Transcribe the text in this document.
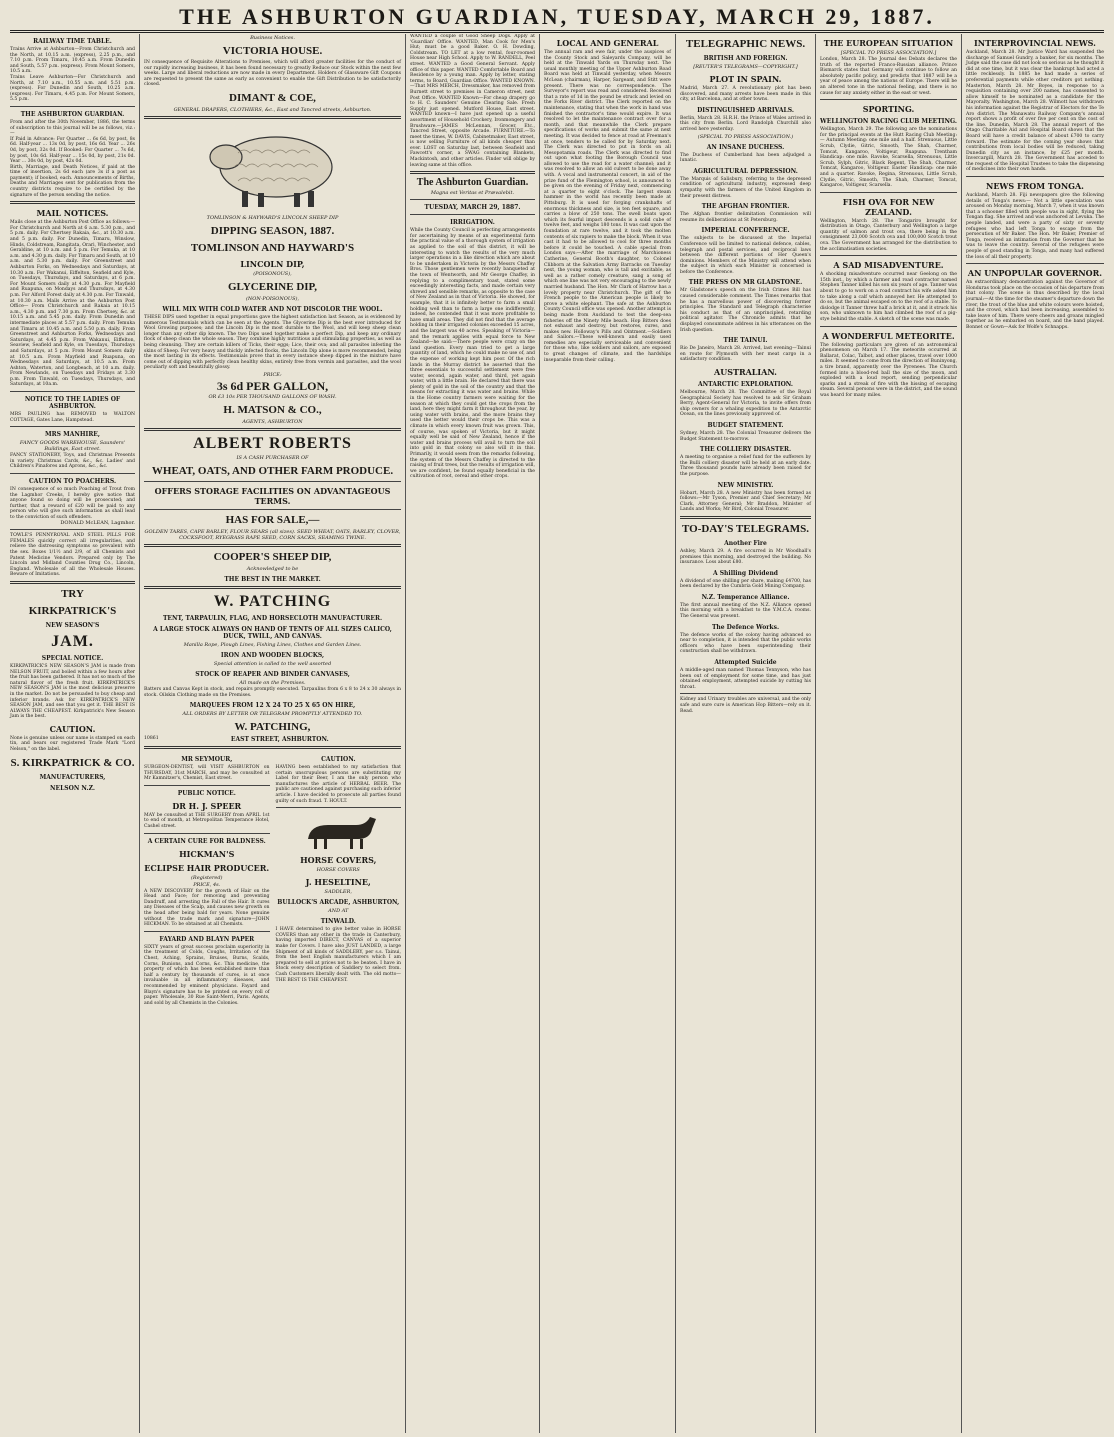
THE ASHBURTON GUARDIAN, TUESDAY, MARCH 29, 1887.
RAILWAY TIME TABLE.
Trains Arrive at Ashburton—From Christchurch and the North, at 10.15 a.m. (express), 2.25 p.m., and 7.10 p.m. From Timaru, 10.45 a.m. From Dunedin and South, 5.57 p.m. (express). From Mount Somers, 10.5 a.m.
Trains Leave Ashburton—For Christchurch and North, at 7.10 a.m., 10.55 a.m. and 5.51 p.m. (express). For Dunedin and South, 10.25 a.m. (express). For Timaru, 4.45 p.m. For Mount Somers, 5.5 p.m.
THE ASHBURTON GUARDIAN.
From and after the 30th November, 1886, the terms of subscription to this journal will be as follows, viz.:—
If Paid in Advance: For Quarter ... 6s 6d, by post, 8s 6d. Half-year ... 13s 0d, by post, 16s 6d. Year ... 26s 0d, by post, 32s 0d. If Booked: For Quarter ... 7s 6d, by post, 10s 6d. Half-year ... 15s 0d, by post, 21s 0d. Year ... 30s 0d, by post, 42s 0d.
Birth, Marriage, and Death Notices, if paid at the time of insertion, 2s 6d each (are 3s if a post as payment); if booked, each. Announcements of Births, Deaths and Marriages sent for publication from the country districts require to be certified by the signature of the person sending the notice.
MAIL NOTICES.
Mails close at the Ashburton Post Office as follows:— For Christchurch and North at 6 a.m. 5.30 p.m., and 5 p.m. daily. For Chertsey Rakaia, &c., at 10.30 a.m. and 5 p.m. daily. For Dunedin, Timaru, Winslow, Hinds, Coldstream, Rangitata, Orari, Winchester, and Geraldine, at 10 a.m. and 5 p.m. For Temuka, at 10 a.m. and 4.30 p.m. daily. For Timaru and South, at 10 a.m. and 5.30 p.m. daily. For Greenstreet and Ashburton Forks, on Wednesdays and Saturdays, at 10.30 a.m. For Wakanui, Eiffelton, Seafield and Kyle, on Tuesdays, Thursdays, and Saturdays, at 6 p.m. For Mount Somers daily at 4.30 p.m. For Mayfield and Ruapuna, on Mondays and Thursdays, at 4.30 p.m. For Alford Forest daily at 4.30 p.m. For Tinwald, at 10.30 a.m. Mails Arrive at the Ashburton Post Office— From Christchurch and Rakaia at 10.15 a.m., 4.30 p.m. and 7.30 p.m. From Chertsey, &c. at 10.15 a.m. and 5.45 p.m. daily. From Dunedin and intermediate places at 5.57 p.m. daily. From Temuka and Timaru at 10.45 a.m. and 5.50 p.m. daily. From Greenstreet and Ashburton Forks, Wednesdays and Saturdays, at 4.45 p.m. From Wakanui, Eiffelton, Seaview, Seafield and Kyle, on Tuesdays, Thursdays and Saturdays, at 5 p.m. From Mount Somers daily at 10.5 a.m. From Mayfield and Ruapuna, on Wednesdays and Saturdays, at 10.5 a.m. From Ashton, Waterton, and Longbeach, at 10 a.m. daily. From Newlands, on Tuesdays and Fridays at 3.30 p.m. From Tinwald, on Tuesdays, Thursdays, and Saturdays, at 10a.m.
NOTICE TO THE LADIES OF ASHBURTON.
MRS PAULING has REMOVED to WALTON COTTAGE, Gates Lane, Hampstead.
MRS MANHIRE,
FANCY GOODS WAREHOUSE, Saunders' Buildings, East street.
FANCY STATIONERY, Toys, and Christmas Presents in variety. Christmas Cards, &c., &c. Ladies' and Children's Pinafores and Aprons, &c., &c.
CAUTION TO POACHERS.
IN consequence of so much Poaching of Trout from the Lagmhor Creeks, I hereby give notice that anyone found so doing will be prosecuted; and further, that a reward of £20 will be paid to any person who will give such information as shall lead to the conviction of such offenders.
DONALD McLEAN, Lagmhor.
TOWLE'S PENNYROYAL AND STEEL PILLS FOR FEMALES quickly correct all irregularities, and relieve the distressing symptoms so prevalent with the sex. Boxes 1/1½ and 2/9, of all Chemists and Patent Medicine Vendors. Prepared only by The Lincoln and Midland Counties Drug Co., Lincoln, England. Wholesale of all the Wholesale Houses. Beware of Imitations.
TRY
KIRKPATRICK'S
NEW SEASON'S
JAM.
SPECIAL NOTICE.
KIRKPATRICK'S NEW SEASON'S JAM is made from NELSON FRUIT, and boiled within a few hours after the fruit has been gathered. It has not so much of the natural flavor of the fresh fruit. KIRKPATRICK'S NEW SEASON'S JAM is the most delicious preserve in the market. Do not be persuaded to buy cheap and inferior brands. Ask for KIRKPATRICK'S NEW SEASON JAM, and see that you get it. THE BEST IS ALWAYS THE CHEAPEST. Kirkpatrick's New Season Jam is the best.
CAUTION.
None is genuine unless our name is stamped on each tin, and bears our registered Trade Mark "Lord Nelson," on the label.
S. KIRKPATRICK & CO.
MANUFACTURERS,
NELSON N.Z.
Business Notices.
VICTORIA HOUSE.
IN consequence of Requisite Alterations to Premises, which will afford greater facilities for the conduct of our rapidly increasing business, it has been found necessary to greatly Reduce our Stock within the next few weeks. Large and liberal reductions are now made in every Department. Holders of Glassware Gift Coupons are requested to present the same as early as convenient to enable the Gift Distribution to be satisfactorily closed.
DIMANT & COE,
GENERAL DRAPERS, CLOTHIERS, &c., East and Tancred streets, Ashburton.
TOMLINSON & HAYWARD'S LINCOLN SHEEP DIP
DIPPING SEASON, 1887.
TOMLINSON AND HAYWARD'S
LINCOLN DIP,
(POISONOUS),
GLYCERINE DIP,
(NON-POISONOUS),
WILL MIX WITH COLD WATER AND NOT DISCOLOR THE WOOL.
THESE DIPS used together in equal proportions gave the highest satisfaction last Season, as is evidenced by numerous Testimonials which can be seen at the Agents. The Glycerine Dip is the best ever introduced for Wool Growing purposes; and the Lincoln Dip is the most durable to the Wool, and will keep sheep clean longer than any other dip known. The two Dips used together make a perfect Dip, and keep any ordinary flock of sheep clean the whole season. They combine highly nutritious and stimulating properties, as well as being cleansing. They are certain killers of Ticks, their eggs; Lice, their ova; and all parasites infesting the skins of Sheep. For very heavy and thickly infected flocks, the Lincoln Dip alone is more recommended, being the most lasting in its effects. Testimonials prove that in every instance sheep dipped in the mixture have come out of dipping with perfectly clean healthy skins, entirely free from vermin and parasites, and the wool peculiarly soft and beautifully glossy.
PRICE:
3s 6d PER GALLON,
OR £3 10s PER THOUSAND GALLONS OF WASH.
H. MATSON & CO.,
AGENTS, ASHBURTON
ALBERT ROBERTS
IS A CASH PURCHASER OF
WHEAT, OATS, AND OTHER FARM PRODUCE.
OFFERS STORAGE FACILITIES ON ADVANTAGEOUS TERMS.
HAS FOR SALE,—
GOLDEN TARES, CAPE BARLEY, FLOUR SEARS (all sizes). SEED WHEAT, OATS, BARLEY, CLOVER, COCKSFOOT, RYEGRASS RAPE SEED, CORN SACKS, SEAMING TWINE.
COOPER'S SHEEP DIP,
Acknowledged to be
THE BEST IN THE MARKET.
W. PATCHING
TENT, TARPAULIN, FLAG, AND HORSECLOTH MANUFACTURER.
A LARGE STOCK ALWAYS ON HAND OF TENTS OF ALL SIZES CALICO, DUCK, TWILL, AND CANVAS.
Manilla Rope, Plough Lines, Fishing Lines, Clothes and Garden Lines.
IRON AND WOODEN BLOCKS,
Special attention is called to the well assorted
STOCK OF REAPER AND BINDER CANVASES,
All made on the Premises.
Batters and Canvas Kept in stock, and repairs promptly executed. Tarpaulins from 6 x 8 to 24 x 30 always in stock. Oilskin Clothing made on the Premises.
MARQUEES FROM 12 X 24 TO 25 X 65 ON HIRE,
ALL ORDERS BY LETTER OR TELEGRAM PROMPTLY ATTENDED TO.
W. PATCHING,
10861	EAST STREET, ASHBURTON.
MR SEYMOUR,
SURGEON-DENTIST, will VISIT ASHBURTON on THURSDAY, 31st MARCH, and may be consulted at Mr Kamnitzer's, Chemist, East street.
PUBLIC NOTICE.
DR H. J. SPEER
MAY be consulted at THE SURGERY from APRIL 1st to end of month, at Metropolitan Temperance Hotel, Cashel street.
A CERTAIN CURE FOR BALDNESS.
HICKMAN'S
ECLIPSE HAIR PRODUCER.
(Registered)
PRICE, 4s.
A NEW DISCOVERY for the growth of Hair on the Head and Face; for removing and preventing Dandruff, and arresting the Fall of the Hair. It cures any Diseases of the Scalp, and causes new growth on the head after being bald for years. None genuine without the trade mark and signature—JOHN HICKMAN. To be obtained at all Chemists.
FAYARD AND BLAYN PAPER
SIXTY years of great success proclaim superiority in the treatment of Colds, Coughs, Irritation of the Chest, Aching, Sprains, Bruises, Burns, Scalds, Corns, Bunions, and Corns, &c. This medicine, the property of which has been established more than half a century by thousands of cures, is at once invaluable in all inflammatory diseases, and recommended by eminent physicians. Fayard and Blayn's signature has to be printed on every roll of paper. Wholesale, 30 Rue Saint-Merri, Paris. Agents, and sold by all Chemists in the Colonies.
CAUTION.
HAVING been established to my satisfaction that certain unscrupulous persons are substituting my Label for their Beer, I am the only person who manufactures the article of HERBAL BEER. The public are cautioned against purchasing such inferior article. I have decided to prosecute all parties found guilty of such fraud. T. HOULT.
HORSE COVERS,
HORSE COVERS
J. HESELTINE,
SADDLER,
BULLOCK'S ARCADE, ASHBURTON,
AND AT
TINWALD.
I HAVE determined to give better value in HORSE COVERS than any other in the trade in Canterbury, having imported DIRECT, CANVAS of a superior make for Covers. I have also JUST LANDED, a large Shipment of all kinds of SADDLERY, per s.s. Tainui, from the best English manufacturers which I am prepared to sell at prices not to be beaten. I have in Stock every description of Saddlery to select from. Cash Customers liberally dealt with. The old motto— THE BEST IS THE CHEAPEST.
WANTED a couple of Good Sheep Dogs. Apply at 'Guardian' Office. WANTED, Man Cook for Men's Hut; must be a good Baker. O. H. Dowding, Coldstream. TO LET at a low rental, four-roomed House near High School. Apply to W. RANDELL, Peel street. WANTED a Good General Servant. Apply office of this paper. WANTED Comfortable Board and Residence by a young man. Apply by letter, stating terms, to Board, Guardian Office. WANTED KNOWN.—That MRS MERCH, Dressmaker, has removed from Burnett street to premises in Cameron street, next Post Office. WANTED Known—For cheap drapery go to H. C. Saunders' Genuine Clearing Sale. Fresh Supply just opened. Mutford House, East street. WANTED known—I have just opened up a useful assortment of Household Crockery, Ironmongery and Brushware.—JAMES McLennan, Grocer, Etc., Tancred Street, opposite Arcade. FURNITURE.—To meet the times, W. DAVIS, Cabinetmaker, East street, is now selling Furniture of all kinds cheaper than ever. LOST on Saturday last, between Seafield and Fawcett's corner, a SWAG containing Blankets, Mackintosh, and other articles. Finder will oblige by leaving same at this office.
The Ashburton Guardian.
Magna est Veritas et Prævalebit.
TUESDAY, MARCH 29, 1887.
IRRIGATION.
While the County Council is perfecting arrangements for ascertaining by means of an experimental farm the practical value of a thorough system of irrigation as applied to the soil of this district, it will be interesting to watch the results of the very much larger operations in a like direction which are about to be undertaken in Victoria by the Messrs Chaffey Bros. Those gentlemen were recently banqueted at the town of Wentworth, and Mr George Chaffey, in replying to a complimentary toast, stated some exceedingly interesting facts, and made certain very shrewd and sensible remarks, as opposite to the case of New Zealand as in that of Victoria. He showed, for example, that it is infinitely better to farm a small holding well than to farm a large one indifferently, indeed, he contended that it was more profitable to have small areas. They did not find that the average holding in their irrigated colonies exceeded 15 acres, and the largest was 40 acres. Speaking of Victoria—and the remark applies with equal force to New Zealand—he said:—There people were crazy on the land question. Every man tried to get a large quantity of land, which he could make no use of, and the expense of working kept him poor. Of the rich lands in the Murray district he asserted that the three essentials to successful settlement were free water, second, again water, and third, yet again water, with a little brain. He declared that there was plenty of gold in the soil of the country and that the means for extracting it was water and brains. While in the Home country farmers were waiting for the season at which they could get the crops from the land, here they might farm it throughout the year, by using water with brains, and the more brains they used the better would their crops be. This was a climate in which every known fruit was grown. This, of course, was spoken of Victoria, but it might equally well be said of New Zealand, hence if the water and brains process will avail to turn the soil into gold in that colony so also will it in this. Primarily, it would seem from the remarks following, the system of the Messrs Chaffey is directed to the raising of fruit trees, but the results of irrigation will, we are confident, be found equally beneficial in the cultivation of root, cereal and other crops.
LOCAL AND GENERAL
The annual ram and ewe fair, under the auspices of the County Stock and Saleyards Company, will be held at the Tinwald Yards on Thursday next. The usual monthly meeting of the Upper Ashburton Road Board was held at Tinwald yesterday, when Messrs McLean (chairman), Harper, Sargeant, and Stitt were present. There was no correspondence. The Surveyor's report was read and considered. Received that a rate of 1d in the pound be struck and levied on the Forks River district. The Clerk reported on the maintenance, stating that when the work in hand was finished the contractor's time would expire. It was resolved to let the maintenance contract over for a month, and that meanwhile the Clerk prepare specifications of works and submit the same at next meeting. It was decided to fence at road at Freeman's at once, tenders to be called for by Saturday next. The Clerk was directed to put in fords on all Mesopotamia roads. The Clerk was directed to find out upon what footing the Borough Council was allowed to use the road for a water channel; and it was resolved to allow an old culvert to be done away with. A vocal and instrumental concert, in aid of the prize fund of the Flemington school, is announced to be given on the evening of Friday next, commencing at a quarter to eight o'clock. The largest steam hammer in the world has recently been made at Pittsburg. It is used for forging crankshafts of enormous thickness and size, is ten feet square, and carries a blow of 250 tons. The swell boats upon which its fearful impact descends is a solid cube of twelve feet, and weighs 180 tons. It was cast upon the foundation at rare twelve, and it took the molten contents of six rapiers to make the block. When it was cast it had to be allowed to cool for three months before it could be touched. A cable special from London says:—After the marriage of Marchioness Catherine, General Booth's daughter, to Colonel Clibborn at the Salvation Army Barracks on Tuesday next, the young woman, who is tall and excitable, as well as a rather comely creature, sang a song of which one line was not very encouraging to the newly married husband. The Hon. Mr Clark of Harrow has a lovely property near Christchurch. The gift of the French people to the American people is likely to prove a white elephant. The safe at the Ashburton County Council office was opened. Another attempt is being made from Auckland to test the deep-sea fisheries off the Ninety Mile beach. Hop Bitters does not exhaust and destroy, but restores, cures, and makes new. Holloway's Pills and Ointment.—Soldiers and Sailors.—These well-known and easily used remedies are especially serviceable and convenient for those who, like soldiers and sailors, are exposed to great changes of climate, and the hardships inseparable from their calling.
TELEGRAPHIC NEWS.
BRITISH AND FOREIGN.
[REUTER'S TELEGRAMS—COPYRIGHT.]
PLOT IN SPAIN.
Madrid, March 27. A revolutionary plot has been discovered, and many arrests have been made in this city, at Barcelona, and at other towns.
DISTINGUISHED ARRIVALS.
Berlin, March 28. H.R.H. the Prince of Wales arrived in this city from Berlin. Lord Randolph Churchill also arrived here yesterday.
(SPECIAL TO PRESS ASSOCIATION.)
AN INSANE DUCHESS.
The Duchess of Cumberland has been adjudged a lunatic.
AGRICULTURAL DEPRESSION.
The Marquis of Salisbury, referring to the depressed condition of agricultural industry, expressed deep sympathy with the farmers of the United Kingdom in their present distress.
THE AFGHAN FRONTIER.
The Afghan frontier delimitation Commission will resume its deliberations at St Petersburg.
IMPERIAL CONFERENCE.
The subjects to be discussed at the Imperial Conference will be limited to national defence, cables, telegraph and postal services, and reciprocal laws between the different portions of Her Queen's dominions. Members of the Ministry will attend when the subject in which each Minister is concerned is before the Conference.
THE PRESS ON MR GLADSTONE.
Mr Gladstone's speech on the Irish Crimes Bill has caused considerable comment. The Times remarks that he has a marvellous power of discovering former principles. The Standard and Telegraph characterise his conduct as that of an unprincipled, retarding political agitator. The Chronicle admits that he displayed consummate address in his utterances on the Irish question.
THE TAINUI.
Rio De Janeiro, March 28. Arrived, last evening—Tainui en route for Plymouth with her meat cargo in a satisfactory condition.
AUSTRALIAN.
ANTARCTIC EXPLORATION.
Melbourne, March 28. The Committee of the Royal Geographical Society has resolved to ask Sir Graham Berry, Agent-General for Victoria, to invite offers from ship owners for a whaling expedition to the Antarctic Ocean, on the lines previously approved of.
BUDGET STATEMENT.
Sydney, March 28. The Colonial Treasurer delivers the Budget Statement to-morrow.
THE COLLIERY DISASTER.
A meeting to organise a relief fund for the sufferers by the Bulli colliery disaster will be held at an early date. Three thousand pounds have already been raised for the purpose.
NEW MINISTRY.
Hobart, March 28. A new Ministry has been formed as follows:—Mr Tyson, Premier and Chief Secretary; Mr Clark, Attorney General; Mr Braddon, Minister of Lands and Works; Mr Bird, Colonial Treasurer.
TO-DAY'S TELEGRAMS.
Another Fire
Ashley, March 29. A fire occurred in Mr Woodhall's premises this morning, and destroyed the building. No insurance. Loss about £80.
A Shilling Dividend
A dividend of one shilling per share, making £4700, has been declared by the Cumbria Gold Mining Company.
N.Z. Temperance Alliance.
The first annual meeting of the N.Z. Alliance opened this morning with a breakfast to the Y.M.C.A. rooms. The General was present.
The Defence Works.
The defence works of the colony having advanced so near to completion, it is intended that the public works officers who have been superintending their construction shall be withdrawn.
Attempted Suicide
A middle-aged man named Thomas Tennyson, who has been out of employment for some time, and has just obtained employment, attempted suicide by cutting his throat.
Kidney and Urinary troubles are universal, and the only safe and sure cure is American Hop Bitters—rely on it. Read.
THE EUROPEAN SITUATION
[SPECIAL TO PRESS ASSOCIATION.]
London, March 28. The Journal des Debats declares the truth of the reported Franco-Russian alliance. Prince Bismarck states that Germany will continue to follow an absolutely pacific policy, and predicts that 1887 will be a year of peace among the nations of Europe. There will be an altered tone in the national feeling, and there is no cause for any anxiety either in the east or west.
SPORTING.
WELLINGTON RACING CLUB MEETING.
Wellington, March 29. The following are the nominations for the principal events at the Hutt Racing Club Meeting:— Autumn Meeting: one mile and a half. Strenuous, Little Scrub, Clydie, Gitric, Smooth, The Shah, Charmer, Tomcat, Kangaroo, Voltigeur, Ruapuna. Trentham Handicap: one mile. Ravoke, Scarsella, Strenuous, Little Scrub, Sylph, Gitric, Black Regent, The Shah, Charmer, Tomcat, Kangaroo, Voltigeur. Easter Handicap: one mile and a quarter. Ravoke, Regina, Strenuous, Little Scrub, Clydie, Gitric, Smooth, The Shah, Charmer, Tomcat, Kangaroo, Voltigeur, Scarsella.
FISH OVA FOR NEW ZEALAND.
Wellington, March 28. The Tongariro brought for distribution in Otago, Canterbury and Wellington a large quantity of salmon and trout ova, there being in the consignment 23,000 Scotch ova and 100,000 Scotch trout ova. The Government has arranged for the distribution to the acclimatisation societies.
A SAD MISADVENTURE.
A shocking misadventure occurred near Geelong on the 15th inst., by which a farmer and road contractor named Stephen Tanner killed his son six years of age. Tanner was about to go to work on a road contract his wife asked him to take along a calf which annoyed her. He attempted to do so, but the animal escaped on to the roof of a stable. To dislodge it Tanner threw half a brick at it, and it struck his son, who unknown to him had climbed the roof of a pig-stye behind the stable. A sketch of the scene was made.
A WONDERFUL METEORITE.
The following particulars are given of an astronomical phenomenon on March 17. The meteorite occurred at Ballarat, Colac, Talbot, and other places, travel over 1000 miles. It seemed to come from the direction of Buninyong, a tire brand, apparently over the Pyrenees. The Church formed into a blood-red ball the size of the moon, and exploded with a loud report, sending perpendicular sparks and a streak of fire with the hissing of escaping steam. Several persons were in the district, and the sound was heard for many miles.
INTERPROVINCIAL NEWS.
Auckland, March 28. Mr Justice Ward has suspended the discharge of Samuel Gundry, a banker, for six months. The Judge said the case did not look so serious as he thought it did at one time, but it was clear the bankrupt had acted a little recklessly. In 1885 he had made a series of preferential payments while other creditors got nothing. Masterton, March 28. Mr Boyes, in response to a requisition containing over 200 names, has consented to allow himself to be nominated as a candidate for the Mayoralty. Washington, March 28. Wilmott has withdrawn his information against the Registrar of Electors for the Te Aro district. The Manawatu Railway Company's annual report shows a profit of over five per cent on the cost of the line. Dunedin, March 28. The annual report of the Otago Charitable Aid and Hospital Board shows that the Board will have a credit balance of about £700 to carry forward. The estimate for the coming year shows that contributions from local bodies will be reduced, taking Dunedin city as an instance, by £25 per month. Invercargill, March 28. The Government has acceded to the request of the Hospital Trustees to take the dispensing of medicines into their own hands.
NEWS FROM TONGA.
Auckland, March 28. Fiji newspapers give the following details of Tonga's news:— Not a little speculation was aroused on Monday morning, March 7, when it was known that a schooner filled with people was in sight, flying the Tongan flag. She arrived and was anchored at Levuka. The people landed, and were a party of sixty or seventy refugees who had left Tonga to escape from the persecution of Mr Baker. The Hon. Mr Baker, Premier of Tonga, received an intimation from the Governor that he was to leave the country. Several of the refugees were people of good standing in Tonga, and many had suffered the loss of all their property.
AN UNPOPULAR GOVERNOR.
An extraordinary demonstration against the Governor of Honduras took place on the occasion of his departure from that colony. The scene is thus described by the local journal:—At the time for the steamer's departure down the river, the trout of the blue and white colours were hoisted, and the crowd, which had been increasing, assembled to take leave of him. There were cheers and groans mingled together as he embarked on board, and the band played. Bonnet or Gown—Ask for Wolfe's Schnapps.
